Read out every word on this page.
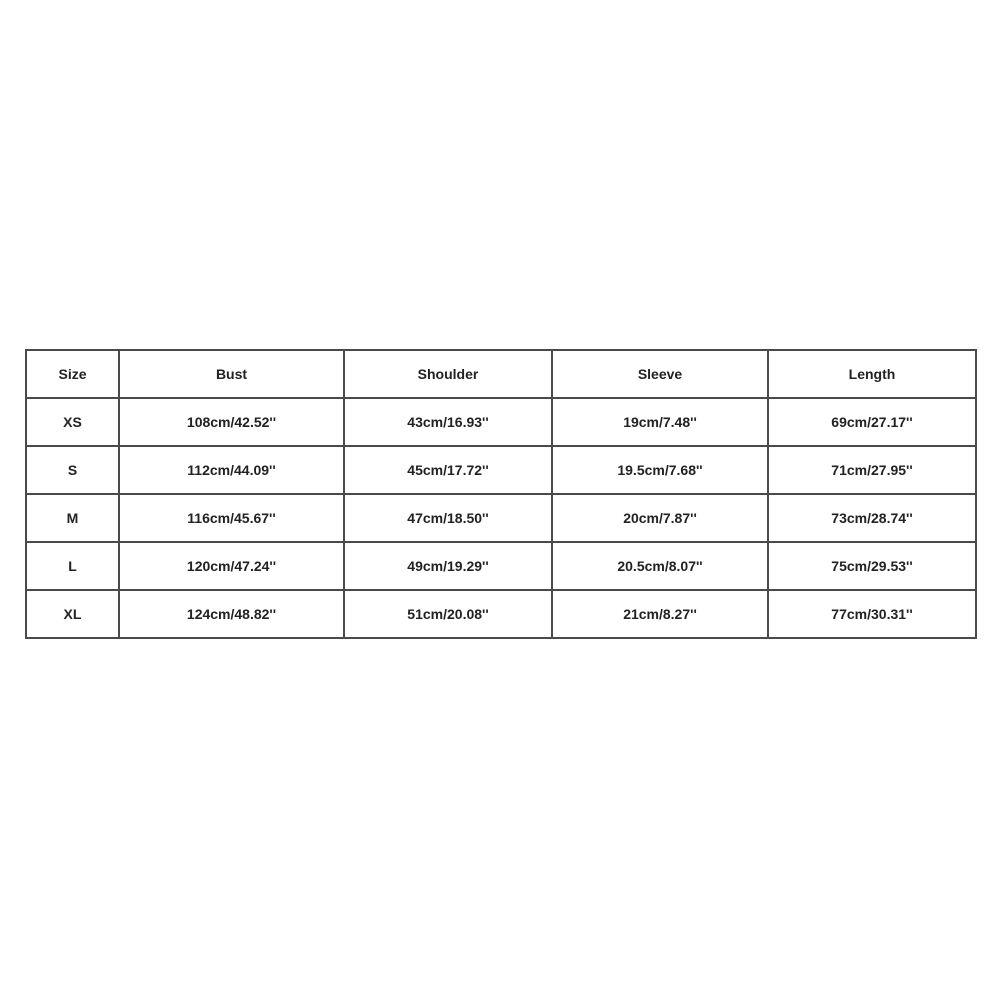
Size	Bust	Shoulder	Sleeve	Length
XS	108cm/42.52''	43cm/16.93''	19cm/7.48''	69cm/27.17''
S	112cm/44.09''	45cm/17.72''	19.5cm/7.68''	71cm/27.95''
M	116cm/45.67''	47cm/18.50''	20cm/7.87''	73cm/28.74''
L	120cm/47.24''	49cm/19.29''	20.5cm/8.07''	75cm/29.53''
XL	124cm/48.82''	51cm/20.08''	21cm/8.27''	77cm/30.31''
